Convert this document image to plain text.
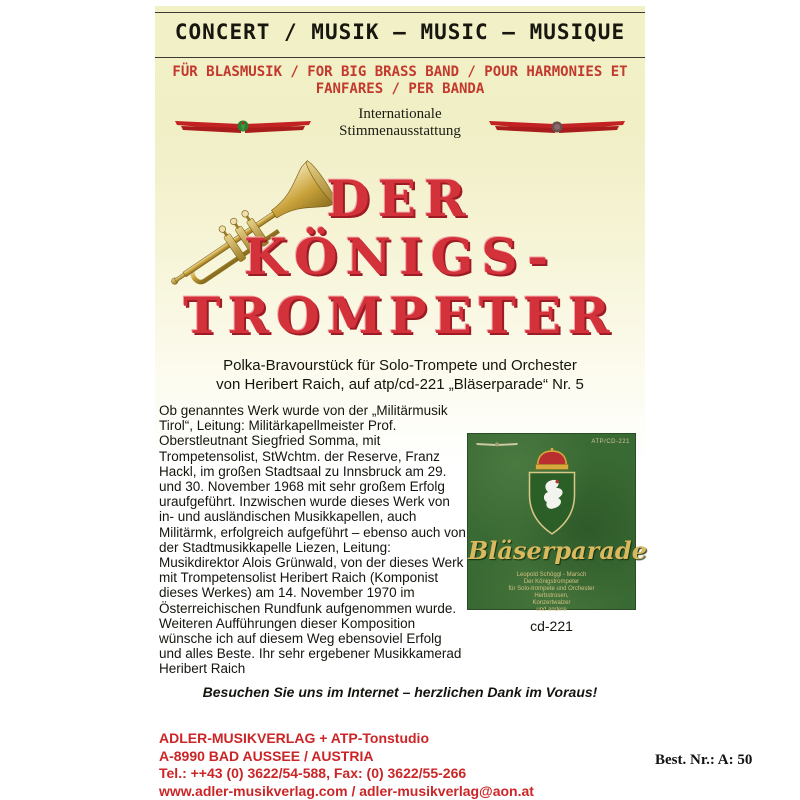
CONCERT / MUSIK – MUSIC – MUSIQUE
FÜR BLASMUSIK / FOR BIG BRASS BAND / POUR HARMONIES ET
FANFARES / PER BANDA
Internationale
Stimmenausstattung
DER
KÖNIGS-
TROMPETER
Polka-Bravourstück für Solo-Trompete und Orchester
von Heribert Raich, auf atp/cd-221 „Bläserparade“ Nr. 5

Ob genanntes Werk wurde von der „Militärmusik Tirol“, Leitung: Militärkapellmeister Prof. Oberstleutnant Siegfried Somma, mit Trompetensolist, StWchtm. der Reserve, Franz Hackl, im großen Stadtsaal zu Innsbruck am 29. und 30. November 1968 mit sehr großem Erfolg uraufgeführt. Inzwischen wurde dieses Werk von in- und ausländischen Musikkapellen, auch Militärmk, erfolgreich aufgeführt – ebenso auch von der Stadtmusikkapelle Liezen, Leitung: Musikdirektor Alois Grünwald, von der dieses Werk mit Trompetensolist Heribert Raich (Komponist dieses Werkes) am 14. November 1970 im Österreichischen Rundfunk aufgenommen wurde. Weiteren Aufführungen dieser Komposition wünsche ich auf diesem Weg ebensoviel Erfolg und alles Beste. Ihr sehr ergebener Musikkamerad Heribert Raich

ATP/CD-221
Bläserparade
Leopold Schöggl - Marsch
Der Königstrompeter
für Solo-trompete und Orchester
Herbstrosen,
Konzertwalzer
und andere
cd-221
Besuchen Sie uns im Internet – herzlichen Dank im Voraus!
ADLER-MUSIKVERLAG + ATP-Tonstudio
A-8990 BAD AUSSEE / AUSTRIA
Tel.: ++43 (0) 3622/54-588, Fax: (0) 3622/55-266
www.adler-musikverlag.com / adler-musikverlag@aon.at
Best. Nr.: A: 50
